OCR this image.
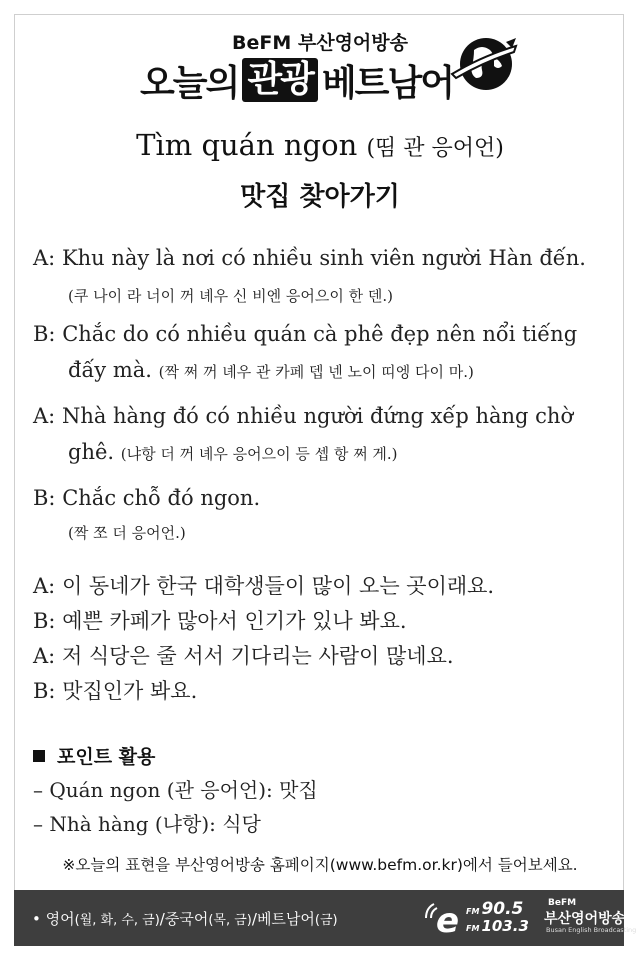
BeFM 부산영어방송
오늘의 관광 베트남어
Tìm quán ngon (띰 관 응어언)
맛집 찾아가기
A: Khu này là nơi có nhiều sinh viên người Hàn đến.
(쿠 나이 라 너이 꺼 녜우 신 비엔 응어으이 한 덴.)
B: Chắc do có nhiều quán cà phê đẹp nên nổi tiếng
đấy mà. (짝 쩌 꺼 녜우 관 카페 뎁 넨 노이 띠엥 다이 마.)
A: Nhà hàng đó có nhiều người đứng xếp hàng chờ
ghê. (냐항 더 꺼 녜우 응어으이 등 셉 항 쩌 게.)
B: Chắc chỗ đó ngon.
(짝 쪼 더 응어언.)
A: 이 동네가 한국 대학생들이 많이 오는 곳이래요.
B: 예쁜 카페가 많아서 인기가 있나 봐요.
A: 저 식당은 줄 서서 기다리는 사람이 많네요.
B: 맛집인가 봐요.
포인트 활용
– Quán ngon (관 응어언): 맛집
– Nhà hàng (냐항): 식당
※오늘의 표현을 부산영어방송 홈페이지(www.befm.or.kr)에서 들어보세요.
• 영어(월, 화, 수, 금)/중국어(목, 금)/베트남어(금)	e FM 90.5
FM 103.3
BeFM
부산영어방송
Busan English Broadcasting
